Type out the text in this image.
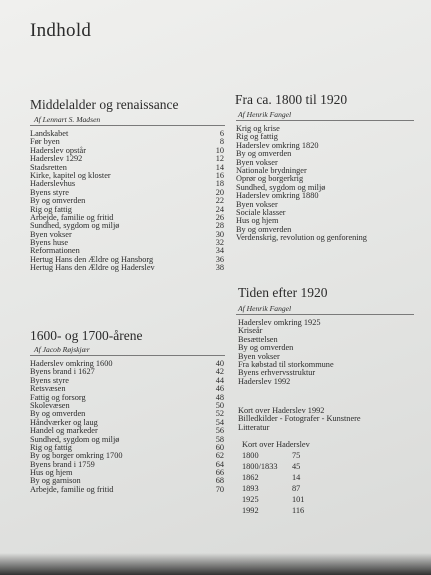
Indhold
Middelalder og renaissance
Af Lennart S. Madsen
Landskabet	6
Før byen	8
Haderslev opstår	10
Haderslev 1292	12
Stadsretten	14
Kirke, kapitel og kloster	16
Haderslevhus	18
Byens styre	20
By og omverden	22
Rig og fattig	24
Arbejde, familie og fritid	26
Sundhed, sygdom og miljø	28
Byen vokser	30
Byens huse	32
Reformationen	34
Hertug Hans den Ældre og Hansborg	36
Hertug Hans den Ældre og Haderslev	38
1600- og 1700-årene
Af Jacob Røjskjær
Haderslev omkring 1600	40
Byens brand i 1627	42
Byens styre	44
Retsvæsen	46
Fattig og forsorg	48
Skolevæsen	50
By og omverden	52
Håndværker og laug	54
Handel og markeder	56
Sundhed, sygdom og miljø	58
Rig og fattig	60
By og borger omkring 1700	62
Byens brand i 1759	64
Hus og hjem	66
By og garnison	68
Arbejde, familie og fritid	70
Fra ca. 1800 til 1920
Af Henrik Fangel
Krig og krise
Rig og fattig
Haderslev omkring 1820
By og omverden
Byen vokser
Nationale brydninger
Oprør og borgerkrig
Sundhed, sygdom og miljø
Haderslev omkring 1880
Byen vokser
Sociale klasser
Hus og hjem
By og omverden
Verdenskrig, revolution og genforening
Tiden efter 1920
Af Henrik Fangel
Haderslev omkring 1925
Kriseår
Besættelsen
By og omverden
Byen vokser
Fra købstad til storkommune
Byens erhvervsstruktur
Haderslev 1992
Kort over Haderslev 1992
Billedkilder - Fotografer - Kunstnere
Litteratur
Kort over Haderslev
1800	75
1800/1833 45
1862	14
1893	87
1925	101
1992	116
